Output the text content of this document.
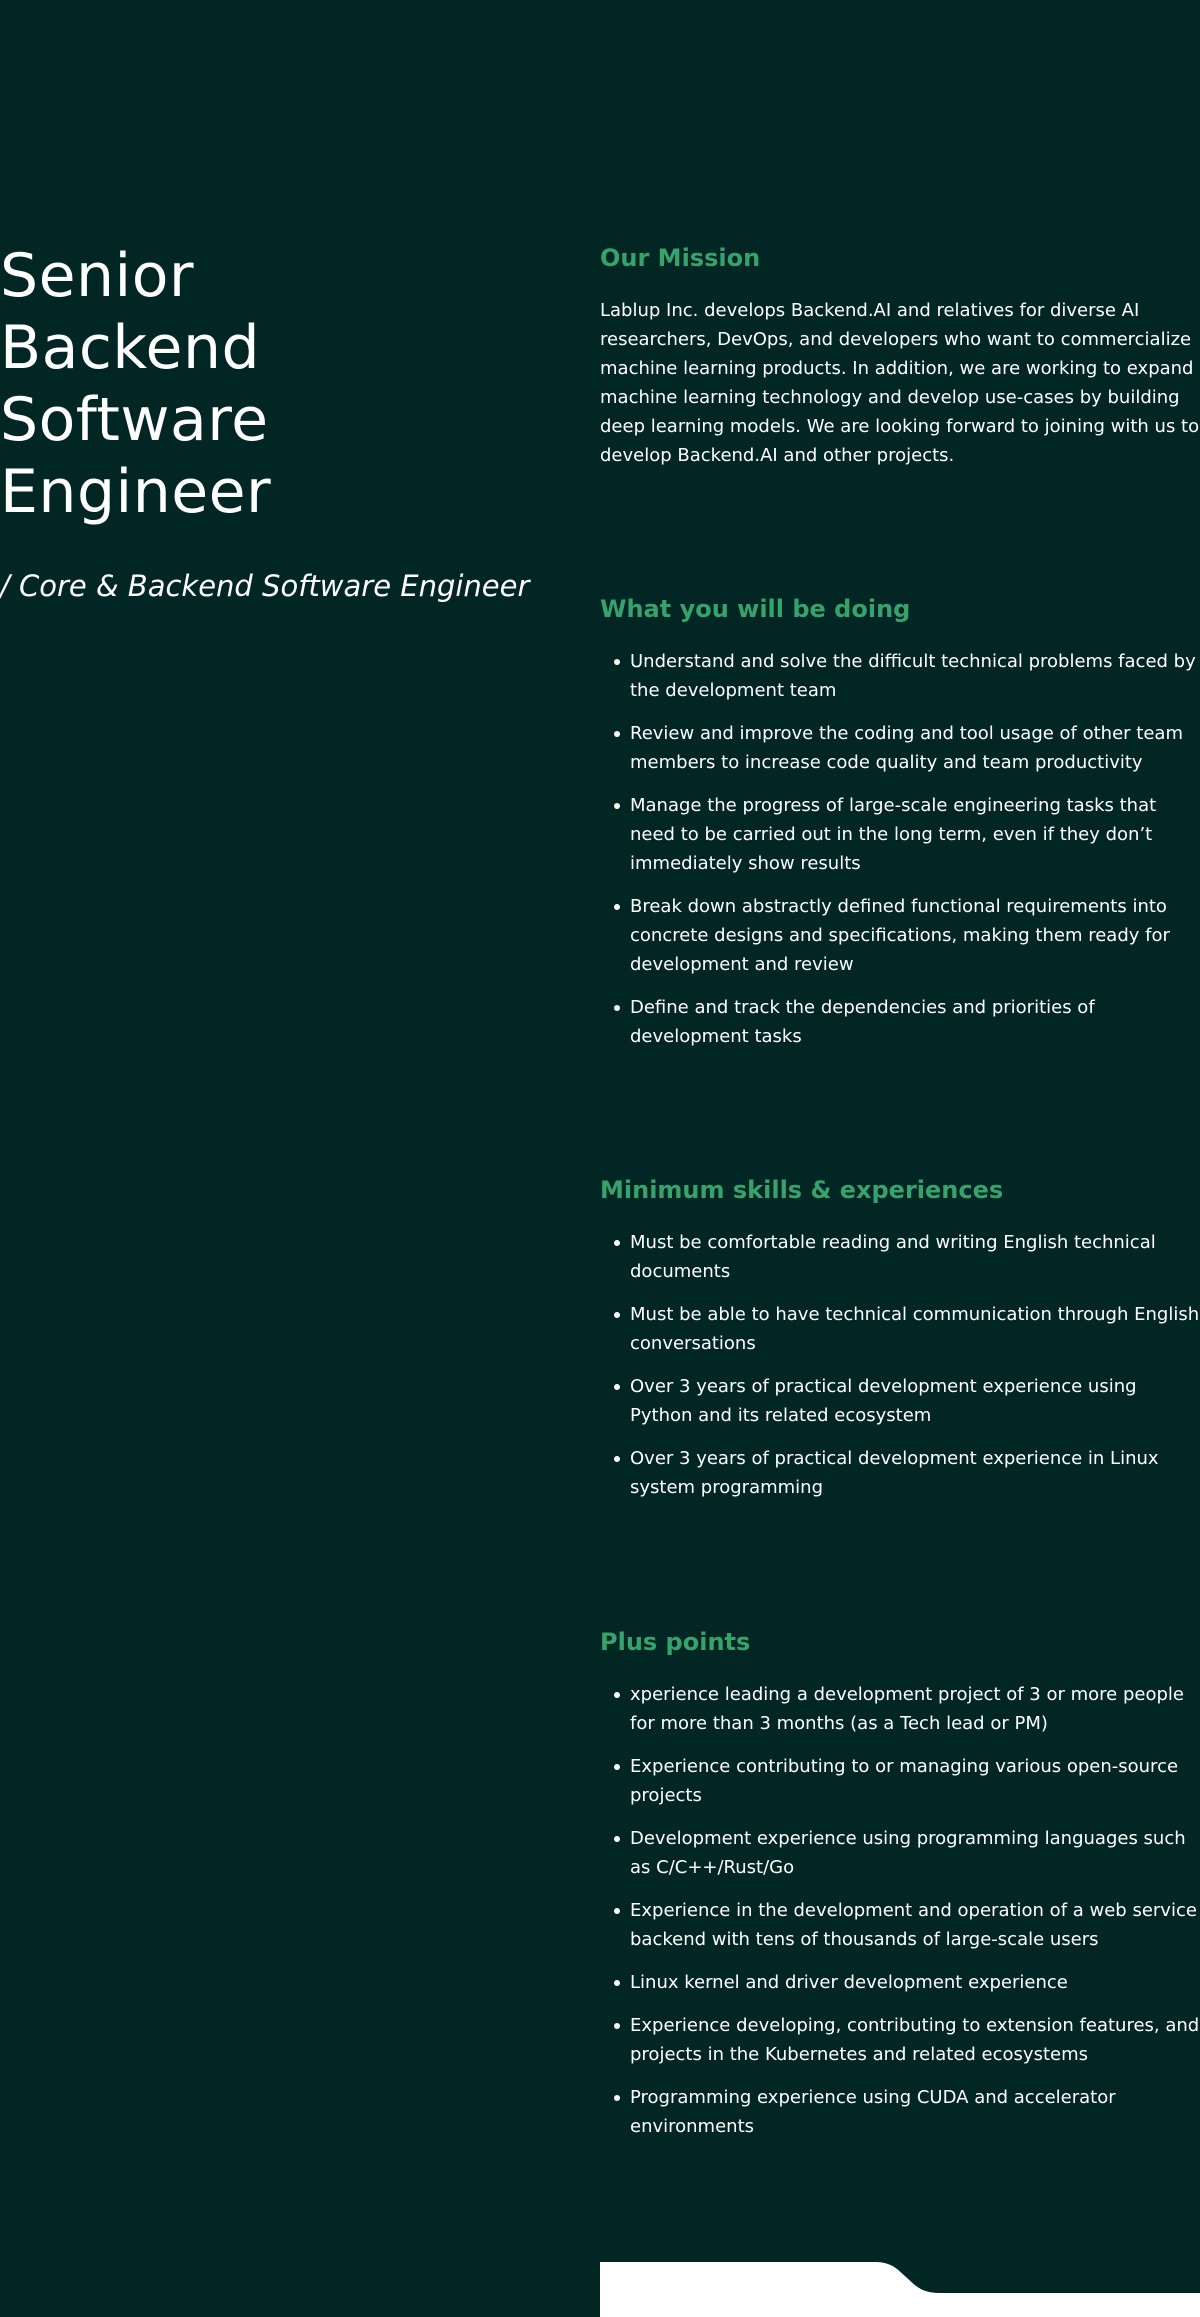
Senior
Backend
Software
Engineer

/ Core & Backend Software Engineer

Our Mission

Lablup Inc. develops Backend.AI and relatives for diverse AI researchers, DevOps, and developers who want to commercialize machine learning products. In addition, we are working to expand machine learning technology and develop use-cases by building deep learning models. We are looking forward to joining with us to develop Backend.AI and other projects.

What you will be doing
Understand and solve the difficult technical problems faced by the development team
Review and improve the coding and tool usage of other team members to increase code quality and team productivity
Manage the progress of large-scale engineering tasks that need to be carried out in the long term, even if they don’t immediately show results
Break down abstractly defined functional requirements into concrete designs and specifications, making them ready for development and review
Define and track the dependencies and priorities of development tasks
Minimum skills & experiences
Must be comfortable reading and writing English technical documents
Must be able to have technical communication through English conversations
Over 3 years of practical development experience using Python and its related ecosystem
Over 3 years of practical development experience in Linux system programming
Plus points
xperience leading a development project of 3 or more people for more than 3 months (as a Tech lead or PM)
Experience contributing to or managing various open-source projects
Development experience using programming languages such as C/C++/Rust/Go
Experience in the development and operation of a web service backend with tens of thousands of large-scale users
Linux kernel and driver development experience
Experience developing, contributing to extension features, and projects in the Kubernetes and related ecosystems
Programming experience using CUDA and accelerator environments
